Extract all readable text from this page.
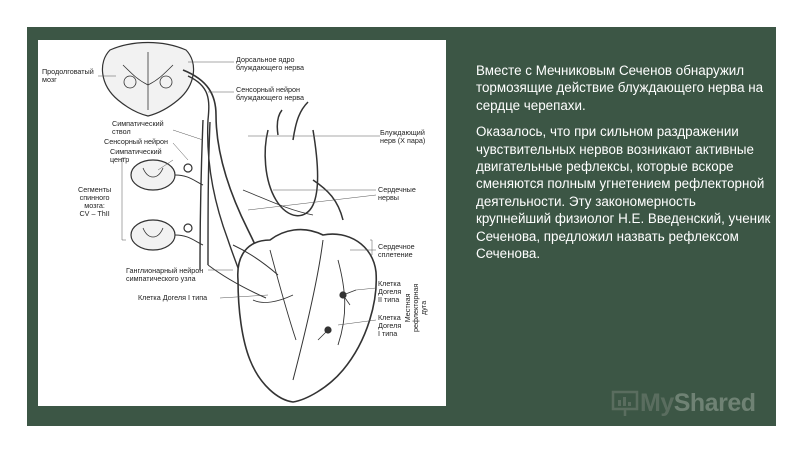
Продолговатый
мозг
Дорсальное ядро
блуждающего нерва
Сенсорный нейрон
блуждающего нерва
Симпатический
ствол
Сенсорный нейрон
Симпатический
центр
Сегменты
спинного
мозга:
CV – ThII
Блуждающий
нерв (X пара)
Сердечные
нервы
Сердечное
сплетение
Ганглионарный нейрон
симпатического узла
Клетка Догеля I типа
Клетка
Догеля
II типа
Клетка
Догеля
I типа
Местная рефлекторная дуга

Вместе с Мечниковым Сеченов обнаружил тормозящие действие блуждающего нерва на сердце черепахи.

Оказалось, что при сильном раздражении чувствительных нервов возникают активные двигательные рефлексы, которые вскоре сменяются полным угнетением рефлекторной деятельности. Эту закономерность крупнейший физиолог Н.Е. Введенский, ученик Сеченова, предложил назвать рефлексом Сеченова.

MyShared
